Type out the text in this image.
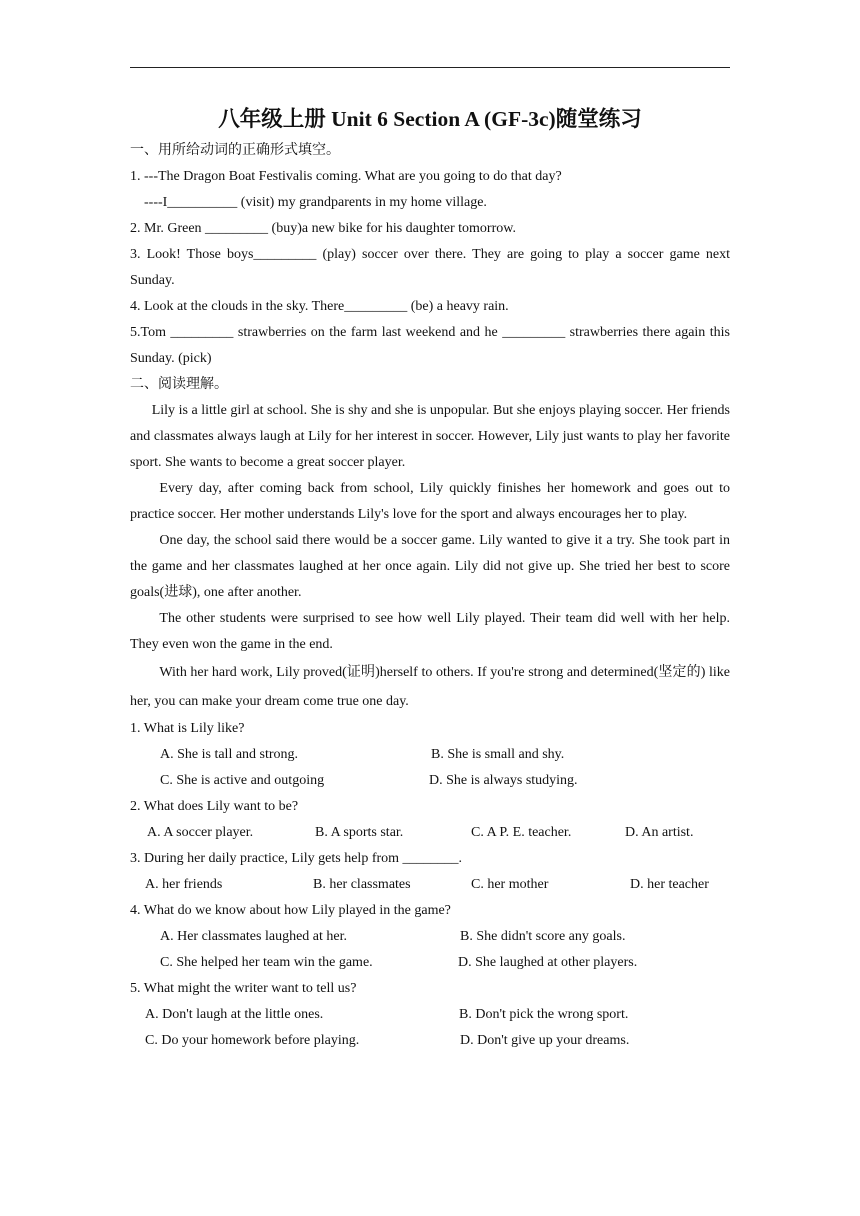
八年级上册 Unit 6 Section A (GF-3c)随堂练习

一、用所给动词的正确形式填空。

1. ---The Dragon Boat Festivalis coming. What are you going to do that day?

----I__________ (visit) my grandparents in my home village.

2. Mr. Green _________ (buy)a new bike for his daughter tomorrow.

3. Look! Those boys_________ (play) soccer over there. They are going to play a soccer game next Sunday.

4. Look at the clouds in the sky. There_________ (be) a heavy rain.

5.Tom _________ strawberries on the farm last weekend and he _________ strawberries there again this Sunday. (pick)

二、阅读理解。

Lily is a little girl at school. She is shy and she is unpopular. But she enjoys playing soccer. Her friends and classmates always laugh at Lily for her interest in soccer. However, Lily just wants to play her favorite sport. She wants to become a great soccer player.

Every day, after coming back from school, Lily quickly finishes her homework and goes out to practice soccer. Her mother understands Lily's love for the sport and always encourages her to play.

One day, the school said there would be a soccer game. Lily wanted to give it a try. She took part in the game and her classmates laughed at her once again. Lily did not give up. She tried her best to score goals(进球), one after another.

The other students were surprised to see how well Lily played. Their team did well with her help. They even won the game in the end.

With her hard work, Lily proved(证明)herself to others. If you're strong and determined(坚定的) like her, you can make your dream come true one day.

1. What is Lily like?

A. She is tall and strong.	B. She is small and shy.
C. She is active and outgoing	D. She is always studying.

2. What does Lily want to be?

A. A soccer player.	B. A sports star.	C. A P. E. teacher.	D. An artist.

3. During her daily practice, Lily gets help from ________.

A. her friends	B. her classmates	C. her mother	D. her teacher

4. What do we know about how Lily played in the game?

A. Her classmates laughed at her.	B. She didn't score any goals.
C. She helped her team win the game.	D. She laughed at other players.

5. What might the writer want to tell us?

A. Don't laugh at the little ones.	B. Don't pick the wrong sport.
C. Do your homework before playing.	D. Don't give up your dreams.
